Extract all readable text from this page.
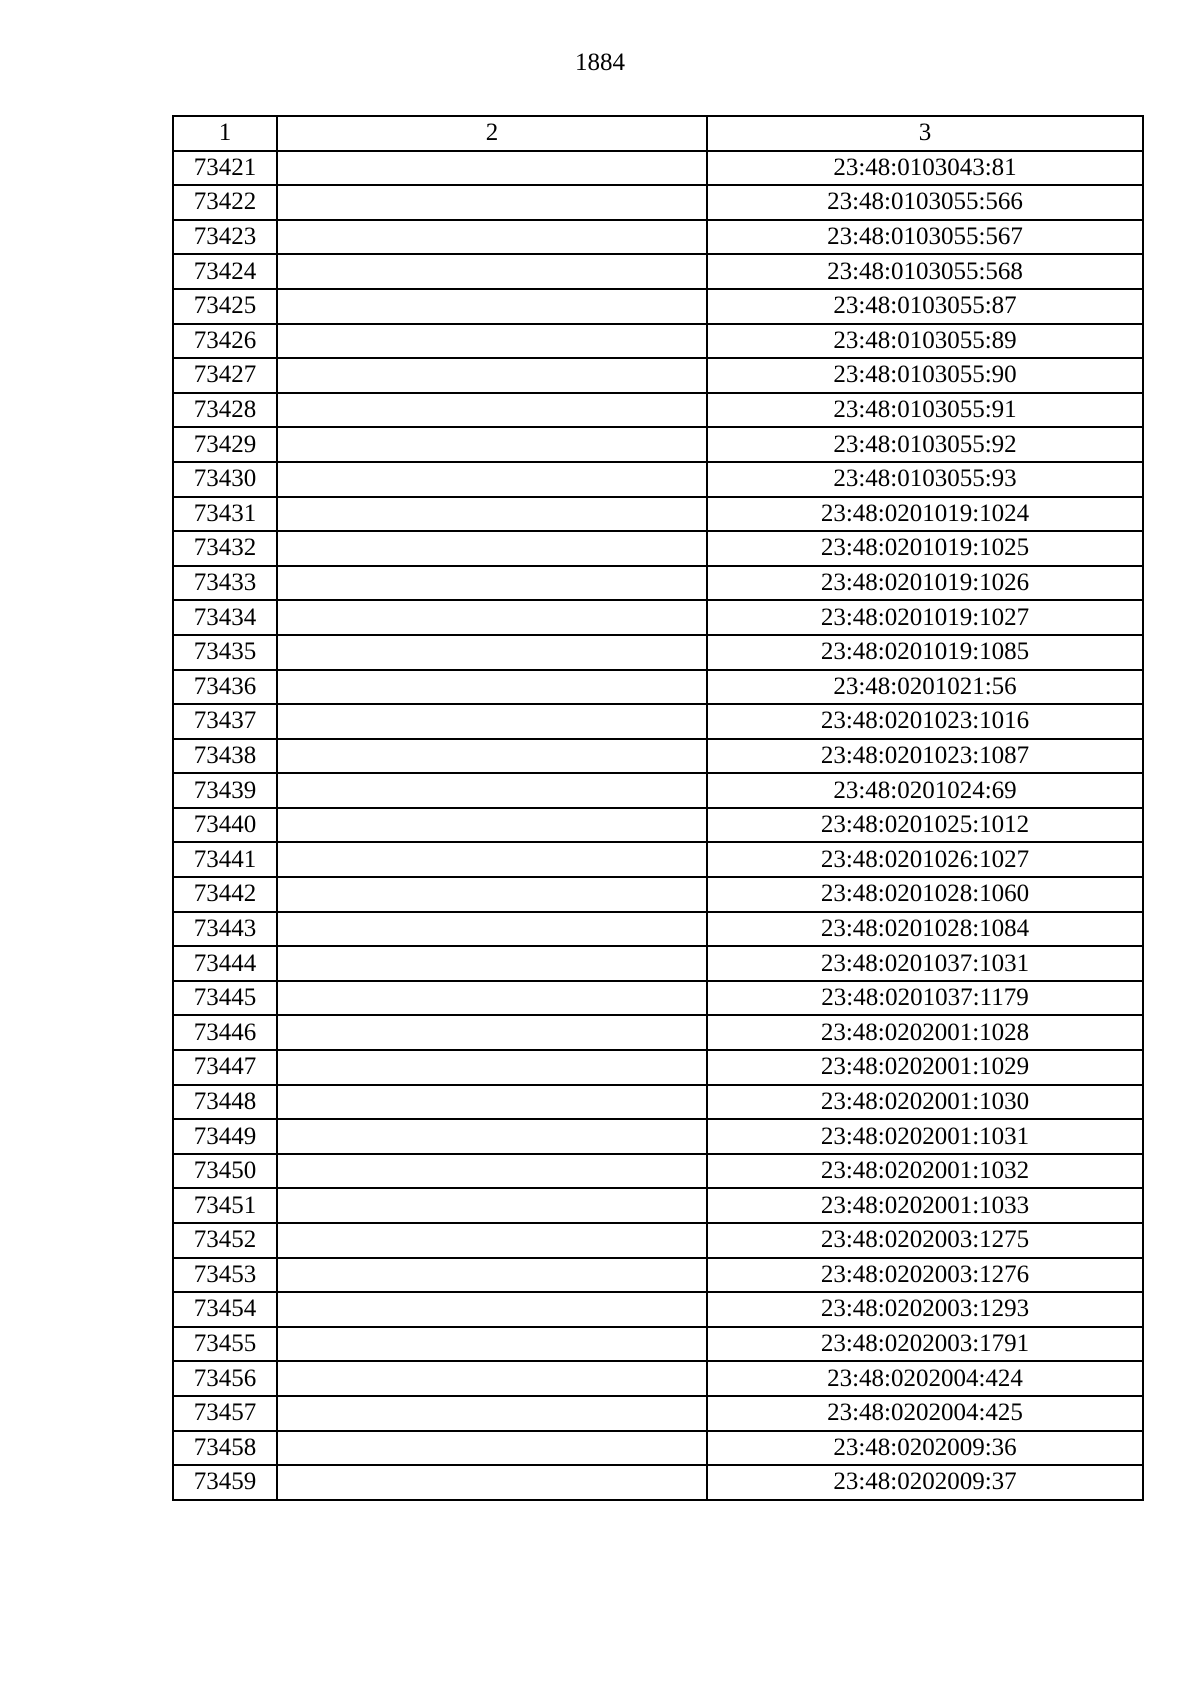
1884
1	2	3
73421		23:48:0103043:81
73422		23:48:0103055:566
73423		23:48:0103055:567
73424		23:48:0103055:568
73425		23:48:0103055:87
73426		23:48:0103055:89
73427		23:48:0103055:90
73428		23:48:0103055:91
73429		23:48:0103055:92
73430		23:48:0103055:93
73431		23:48:0201019:1024
73432		23:48:0201019:1025
73433		23:48:0201019:1026
73434		23:48:0201019:1027
73435		23:48:0201019:1085
73436		23:48:0201021:56
73437		23:48:0201023:1016
73438		23:48:0201023:1087
73439		23:48:0201024:69
73440		23:48:0201025:1012
73441		23:48:0201026:1027
73442		23:48:0201028:1060
73443		23:48:0201028:1084
73444		23:48:0201037:1031
73445		23:48:0201037:1179
73446		23:48:0202001:1028
73447		23:48:0202001:1029
73448		23:48:0202001:1030
73449		23:48:0202001:1031
73450		23:48:0202001:1032
73451		23:48:0202001:1033
73452		23:48:0202003:1275
73453		23:48:0202003:1276
73454		23:48:0202003:1293
73455		23:48:0202003:1791
73456		23:48:0202004:424
73457		23:48:0202004:425
73458		23:48:0202009:36
73459		23:48:0202009:37
